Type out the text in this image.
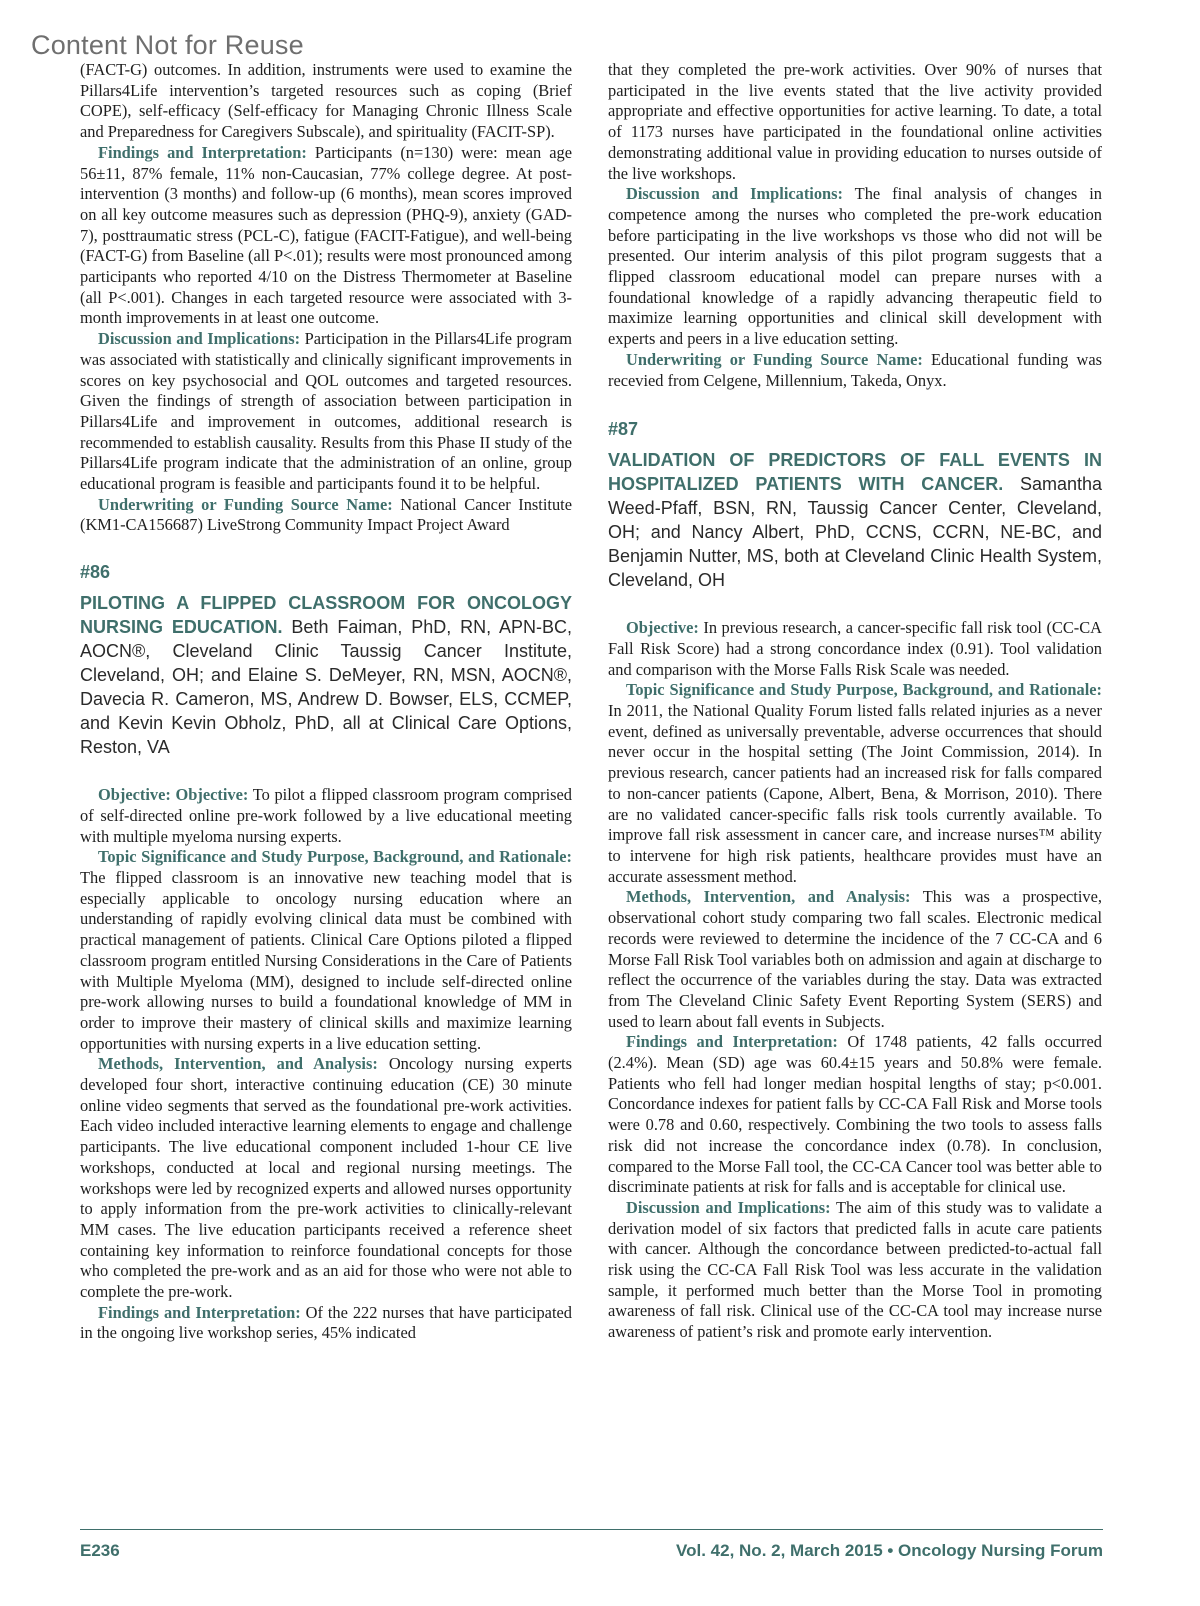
Content Not for Reuse

(FACT-G) outcomes. In addition, instruments were used to examine the Pillars4Life intervention’s targeted resources such as coping (Brief COPE), self-efficacy (Self-efficacy for Managing Chronic Illness Scale and Preparedness for Caregivers Subscale), and spirituality (FACIT-SP).

Findings and Interpretation: Participants (n=130) were: mean age 56±11, 87% female, 11% non-Caucasian, 77% college degree. At post-intervention (3 months) and follow-up (6 months), mean scores improved on all key outcome measures such as depression (PHQ-9), anxiety (GAD-7), posttraumatic stress (PCL-C), fatigue (FACIT-Fatigue), and well-being (FACT-G) from Baseline (all P<.01); results were most pronounced among participants who reported 4/10 on the Distress Thermometer at Baseline (all P<.001). Changes in each targeted resource were associated with 3-month improvements in at least one outcome.

Discussion and Implications: Participation in the Pillars4Life program was associated with statistically and clinically significant improvements in scores on key psychosocial and QOL outcomes and targeted resources. Given the findings of strength of association between participation in Pillars4Life and improvement in outcomes, additional research is recommended to establish causality. Results from this Phase II study of the Pillars4Life program indicate that the administration of an online, group educational program is feasible and participants found it to be helpful.

Underwriting or Funding Source Name: National Cancer Institute (KM1-CA156687) LiveStrong Community Impact Project Award

#86
PILOTING A FLIPPED CLASSROOM FOR ONCOLOGY NURSING EDUCATION. Beth Faiman, PhD, RN, APN-BC, AOCN®, Cleveland Clinic Taussig Cancer Institute, Cleveland, OH; and Elaine S. DeMeyer, RN, MSN, AOCN®, Davecia R. Cameron, MS, Andrew D. Bowser, ELS, CCMEP, and Kevin Kevin Obholz, PhD, all at Clinical Care Options, Reston, VA

Objective: Objective: To pilot a flipped classroom program comprised of self-directed online pre-work followed by a live educational meeting with multiple myeloma nursing experts.

Topic Significance and Study Purpose, Background, and Rationale: The flipped classroom is an innovative new teaching model that is especially applicable to oncology nursing education where an understanding of rapidly evolving clinical data must be combined with practical management of patients. Clinical Care Options piloted a flipped classroom program entitled Nursing Considerations in the Care of Patients with Multiple Myeloma (MM), designed to include self-directed online pre-work allowing nurses to build a foundational knowledge of MM in order to improve their mastery of clinical skills and maximize learning opportunities with nursing experts in a live education setting.

Methods, Intervention, and Analysis: Oncology nursing experts developed four short, interactive continuing education (CE) 30 minute online video segments that served as the foundational pre-work activities. Each video included interactive learning elements to engage and challenge participants. The live educational component included 1-hour CE live workshops, conducted at local and regional nursing meetings. The workshops were led by recognized experts and allowed nurses opportunity to apply information from the pre-work activities to clinically-relevant MM cases. The live education participants received a reference sheet containing key information to reinforce foundational concepts for those who completed the pre-work and as an aid for those who were not able to complete the pre-work.

Findings and Interpretation: Of the 222 nurses that have participated in the ongoing live workshop series, 45% indicated

that they completed the pre-work activities. Over 90% of nurses that participated in the live events stated that the live activity provided appropriate and effective opportunities for active learning. To date, a total of 1173 nurses have participated in the foundational online activities demonstrating additional value in providing education to nurses outside of the live workshops.

Discussion and Implications: The final analysis of changes in competence among the nurses who completed the pre-work education before participating in the live workshops vs those who did not will be presented. Our interim analysis of this pilot program suggests that a flipped classroom educational model can prepare nurses with a foundational knowledge of a rapidly advancing therapeutic field to maximize learning opportunities and clinical skill development with experts and peers in a live education setting.

Underwriting or Funding Source Name: Educational funding was recevied from Celgene, Millennium, Takeda, Onyx.

#87
VALIDATION OF PREDICTORS OF FALL EVENTS IN HOSPITALIZED PATIENTS WITH CANCER. Samantha Weed-Pfaff, BSN, RN, Taussig Cancer Center, Cleveland, OH; and Nancy Albert, PhD, CCNS, CCRN, NE-BC, and Benjamin Nutter, MS, both at Cleveland Clinic Health System, Cleveland, OH

Objective: In previous research, a cancer-specific fall risk tool (CC-CA Fall Risk Score) had a strong concordance index (0.91). Tool validation and comparison with the Morse Falls Risk Scale was needed.

Topic Significance and Study Purpose, Background, and Rationale: In 2011, the National Quality Forum listed falls related injuries as a never event, defined as universally preventable, adverse occurrences that should never occur in the hospital setting (The Joint Commission, 2014). In previous research, cancer patients had an increased risk for falls compared to non-cancer patients (Capone, Albert, Bena, & Morrison, 2010). There are no validated cancer-specific falls risk tools currently available. To improve fall risk assessment in cancer care, and increase nurses™ ability to intervene for high risk patients, healthcare provides must have an accurate assessment method.

Methods, Intervention, and Analysis: This was a prospective, observational cohort study comparing two fall scales. Electronic medical records were reviewed to determine the incidence of the 7 CC-CA and 6 Morse Fall Risk Tool variables both on admission and again at discharge to reflect the occurrence of the variables during the stay. Data was extracted from The Cleveland Clinic Safety Event Reporting System (SERS) and used to learn about fall events in Subjects.

Findings and Interpretation: Of 1748 patients, 42 falls occurred (2.4%). Mean (SD) age was 60.4±15 years and 50.8% were female. Patients who fell had longer median hospital lengths of stay; p<0.001. Concordance indexes for patient falls by CC-CA Fall Risk and Morse tools were 0.78 and 0.60, respectively. Combining the two tools to assess falls risk did not increase the concordance index (0.78). In conclusion, compared to the Morse Fall tool, the CC-CA Cancer tool was better able to discriminate patients at risk for falls and is acceptable for clinical use.

Discussion and Implications: The aim of this study was to validate a derivation model of six factors that predicted falls in acute care patients with cancer. Although the concordance between predicted-to-actual fall risk using the CC-CA Fall Risk Tool was less accurate in the validation sample, it performed much better than the Morse Tool in promoting awareness of fall risk. Clinical use of the CC-CA tool may increase nurse awareness of patient’s risk and promote early intervention.

E236	Vol. 42, No. 2, March 2015 • Oncology Nursing Forum
